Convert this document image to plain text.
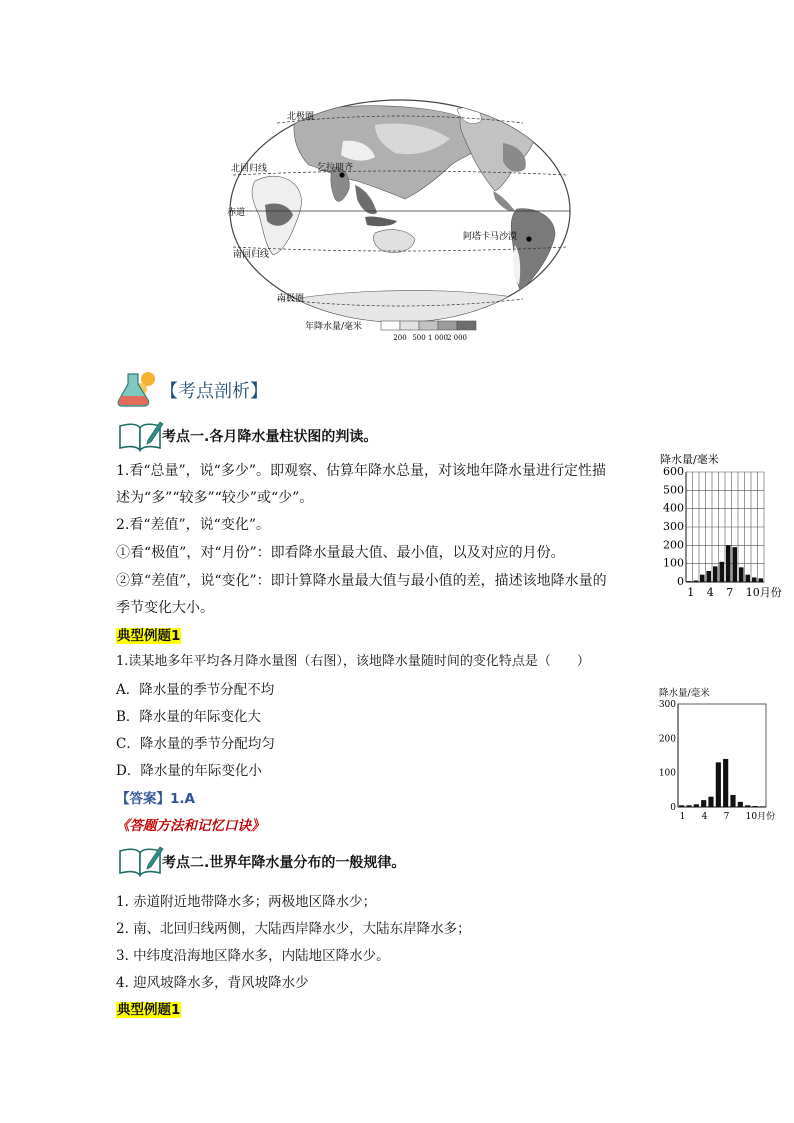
北极圈
北回归线
赤道
南回归线
南极圈
乞拉朋齐
阿塔卡马沙漠
年降水量/毫米
200 500 1 000
2 000
【考点剖析】
考点一.各月降水量柱状图的判读。
1.看“总量”，说“多少”。即观察、估算年降水总量，对该地年降水量进行定性描
述为“多”“较多”“较少”或“少”。
2.看“差值”，说“变化”。
①看“极值”，对“月份”：即看降水量最大值、最小值，以及对应的月份。
②算“差值”，说“变化”：即计算降水量最大值与最小值的差，描述该地降水量的
季节变化大小。
典型例题1
1.读某地多年平均各月降水量图（右图），该地降水量随时间的变化特点是（　　）
A．降水量的季节分配不均
B．降水量的年际变化大
C．降水量的季节分配均匀
D．降水量的年际变化小
【答案】1.A
《答题方法和记忆口诀》
降水量/毫米
0
100
200
300
400
500
600
1 4 7 10月份
降水量/毫米
0
100
200
300
1 4 7 10月份
考点二.世界年降水量分布的一般规律。
1. 赤道附近地带降水多；两极地区降水少；
2. 南、北回归线两侧，大陆西岸降水少，大陆东岸降水多；
3. 中纬度沿海地区降水多，内陆地区降水少。
4. 迎风坡降水多，背风坡降水少
典型例题1
